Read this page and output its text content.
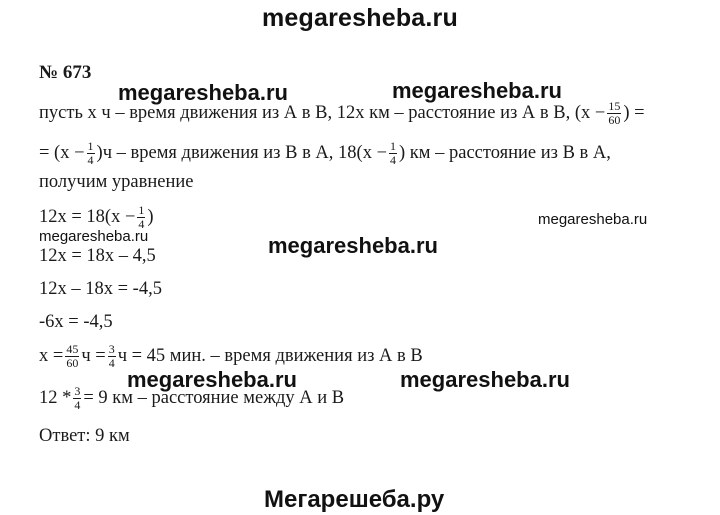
megaresheba.ru
№ 673
megaresheba.ru	megaresheba.ru
megaresheba.ru
megaresheba.ru	megaresheba.ru
megaresheba.ru	megaresheba.ru
пусть х ч – время движения из А в В, 12х км – расстояние из А в В, ($х - \frac{15}{60}$ ) =
= $(х - \frac{1}{4} )ч$ – время движения из В в А, $18(х - \frac{1}{4}$ ) км – расстояние из В в А,
получим уравнение
$12х = 18(х - \frac{1}{4}$ )
12х = 18х – 4,5
12х – 18х = -4,5
-6х = -4,5
$х = \frac{45}{60}$ $ч = \frac{3}{4}$ ч = 45 мин. – время движения из А в В
$12 * \frac{3}{4} = 9$ км – расстояние между А и В
Ответ: 9 км
Мегарешеба.ру
